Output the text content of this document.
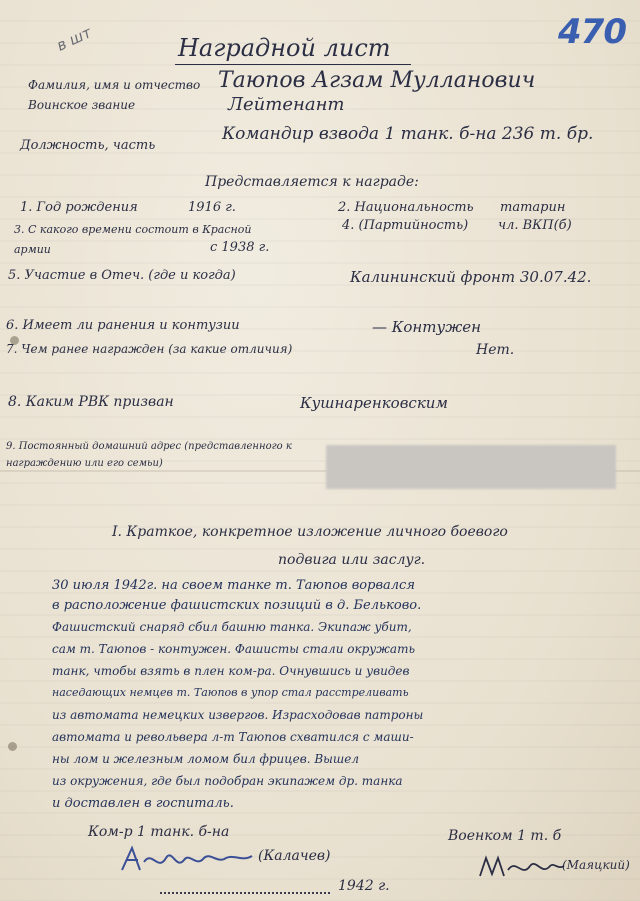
в шт	470
Наградной лист
Фамилия, имя и отчество Таюпов Агзам Мулланович
Воинское звание	Лейтенант
Должность, часть
Командир взвода 1 танк. б-на 236 т. бр.
Представляется к награде:
1. Год рождения	1916 г.	2. Национальность татарин
3. С какого времени состоит в Красной армии	с 1938 г.
4. (Партийность) чл. ВКП(б)
5. Участие в Отеч. (где и когда)	Калининский фронт 30.07.42.
6. Имеет ли ранения и контузии	— Контужен
7. Чем ранее награжден (за какие отличия)	Нет.
8. Каким РВК призван	Кушнаренковским
9. Постоянный домашний адрес (представленного к награждению или его семьи)
I. Краткое, конкретное изложение личного боевого
подвига или заслуг.
30 июля 1942г. на своем танке т. Таюпов ворвался
в расположение фашистских позиций в д. Бельково.
Фашистский снаряд сбил башню танка. Экипаж убит,
сам т. Таюпов - контужен. Фашисты стали окружать
танк, чтобы взять в плен ком-ра. Очнувшись и увидев
наседающих немцев т. Таюпов в упор стал расстреливать
из автомата немецких извергов. Израсходовав патроны
автомата и револьвера л-т Таюпов схватился с маши-
ны лом и железным ломом бил фрицев. Вышел
из окружения, где был подобран экипажем др. танка
и доставлен в госпиталь.
Ком-р 1 танк. б-на
(Калачев)
Военком 1 т. б
(Маяцкий)
1942 г.
